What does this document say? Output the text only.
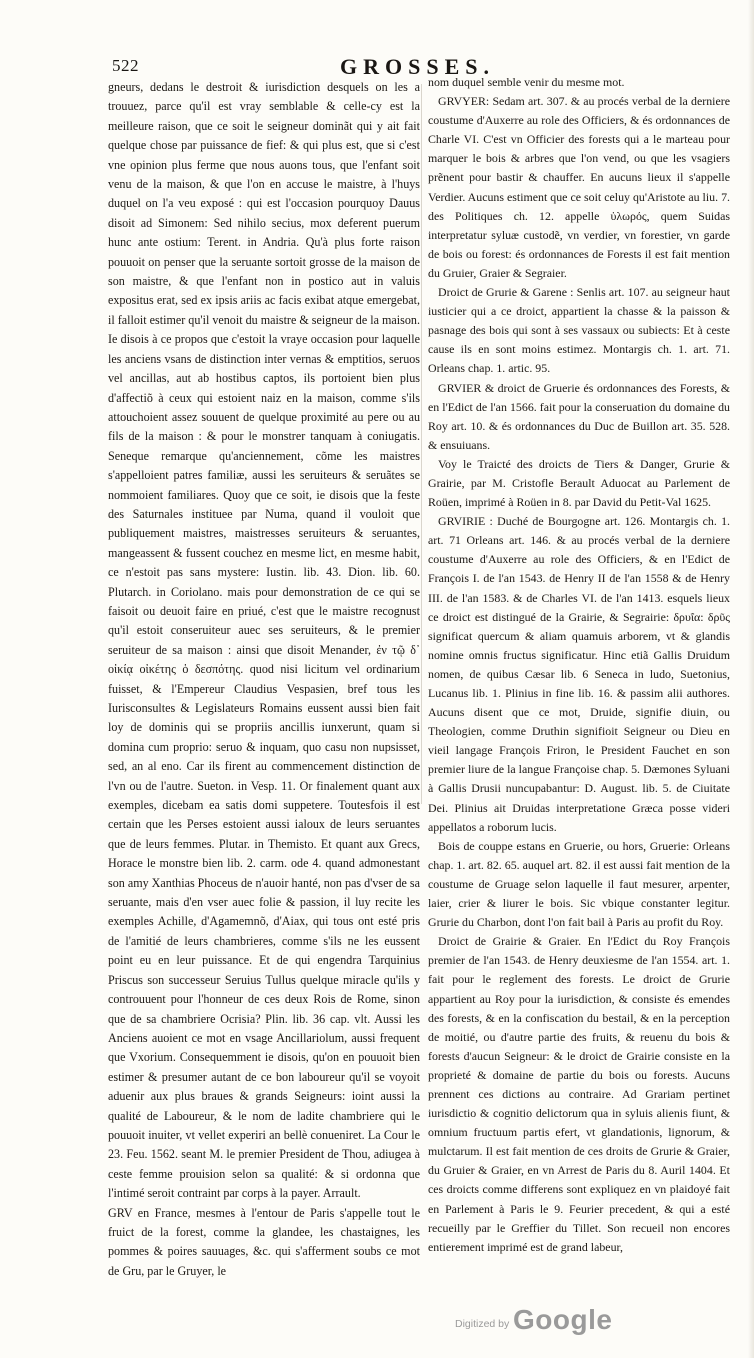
522	GROSSES.

gneurs, dedans le destroit & iurisdiction desquels on les a trouuez, parce qu'il est vray semblable & celle-cy est la meilleure raison, que ce soit le seigneur dominãt qui y ait fait quelque chose par puissance de fief: & qui plus est, que si c'est vne opinion plus ferme que nous auons tous, que l'enfant soit venu de la maison, & que l'on en accuse le maistre, à l'huys duquel on l'a veu exposé : qui est l'occasion pourquoy Dauus disoit ad Simonem: Sed nihilo secius, mox deferent puerum hunc ante ostium: Terent. in Andria. Qu'à plus forte raison pouuoit on penser que la seruante sortoit grosse de la maison de son maistre, & que l'enfant non in postico aut in valuis expositus erat, sed ex ipsis ariis ac facis exibat atque emergebat, il falloit estimer qu'il venoit du maistre & seigneur de la maison. Ie disois à ce propos que c'estoit la vraye occasion pour laquelle les anciens vsans de distinction inter vernas & emptitios, seruos vel ancillas, aut ab hostibus captos, ils portoient bien plus d'affectiõ à ceux qui estoient naiz en la maison, comme s'ils attouchoient assez souuent de quelque proximité au pere ou au fils de la maison : & pour le monstrer tanquam à coniugatis. Seneque remarque qu'anciennement, cõme les maistres s'appelloient patres familiæ, aussi les seruiteurs & seruãtes se nommoient familiares. Quoy que ce soit, ie disois que la feste des Saturnales instituee par Numa, quand il vouloit que publiquement maistres, maistresses seruiteurs & seruantes, mangeassent & fussent couchez en mesme lict, en mesme habit, ce n'estoit pas sans mystere: Iustin. lib. 43. Dion. lib. 60. Plutarch. in Coriolano. mais pour demonstration de ce qui se faisoit ou deuoit faire en priué, c'est que le maistre recognust qu'il estoit conseruiteur auec ses seruiteurs, & le premier seruiteur de sa maison : ainsi que disoit Menander, ἐν τῷ δ᾽ οἰκίᾳ οἰκέτης ὁ δεσπότης. quod nisi licitum vel ordinarium fuisset, & l'Empereur Claudius Vespasien, bref tous les Iurisconsultes & Legislateurs Romains eussent aussi bien fait loy de dominis qui se propriis ancillis iunxerunt, quam si domina cum proprio: seruo & inquam, quo casu non nupsisset, sed, an al eno. Car ils firent au commencement distinction de l'vn ou de l'autre. Sueton. in Vesp. 11. Or finalement quant aux exemples, dicebam ea satis domi suppetere. Toutesfois il est certain que les Perses estoient aussi ialoux de leurs seruantes que de leurs femmes. Plutar. in Themisto. Et quant aux Grecs, Horace le monstre bien lib. 2. carm. ode 4. quand admonestant son amy Xanthias Phoceus de n'auoir hanté, non pas d'vser de sa seruante, mais d'en vser auec folie & passion, il luy recite les exemples Achille, d'Agamemnõ, d'Aiax, qui tous ont esté pris de l'amitié de leurs chambrieres, comme s'ils ne les eussent point eu en leur puissance. Et de qui engendra Tarquinius Priscus son successeur Seruius Tullus quelque miracle qu'ils y controuuent pour l'honneur de ces deux Rois de Rome, sinon que de sa chambriere Ocrisia? Plin. lib. 36 cap. vlt. Aussi les Anciens auoient ce mot en vsage Ancillariolum, aussi frequent que Vxorium. Consequemment ie disois, qu'on en pouuoit bien estimer & presumer autant de ce bon laboureur qu'il se voyoit aduenir aux plus braues & grands Seigneurs: ioint aussi la qualité de Laboureur, & le nom de ladite chambriere qui le pouuoit inuiter, vt vellet experiri an bellè conueniret. La Cour le 23. Feu. 1562. seant M. le premier President de Thou, adiugea à ceste femme prouision selon sa qualité: & si ordonna que l'intimé seroit contraint par corps à la payer. Arrault.

GRV en France, mesmes à l'entour de Paris s'appelle tout le fruict de la forest, comme la glandee, les chastaignes, les pommes & poires sauuages, &c. qui s'afferment soubs ce mot de Gru, par le Gruyer, le

nom duquel semble venir du mesme mot.

GRVYER: Sedam art. 307. & au procés verbal de la derniere coustume d'Auxerre au role des Officiers, & és ordonnances de Charle VI. C'est vn Officier des forests qui a le marteau pour marquer le bois & arbres que l'on vend, ou que les vsagiers prẽnent pour bastir & chauffer. En aucuns lieux il s'appelle Verdier. Aucuns estiment que ce soit celuy qu'Aristote au liu. 7. des Politiques ch. 12. appelle ὑλωρός, quem Suidas interpretatur syluæ custodẽ, vn verdier, vn forestier, vn garde de bois ou forest: és ordonnances de Forests il est fait mention du Gruier, Graier & Segraier.

Droict de Grurie & Garene : Senlis art. 107. au seigneur haut iusticier qui a ce droict, appartient la chasse & la paisson & pasnage des bois qui sont à ses vassaux ou subiects: Et à ceste cause ils en sont moins estimez. Montargis ch. 1. art. 71. Orleans chap. 1. artic. 95.

GRVIER & droict de Gruerie és ordonnances des Forests, & en l'Edict de l'an 1566. fait pour la conseruation du domaine du Roy art. 10. & és ordonnances du Duc de Buillon art. 35. 528. & ensuiuans.

Voy le Traicté des droicts de Tiers & Danger, Grurie & Grairie, par M. Cristofle Berault Aduocat au Parlement de Roüen, imprimé à Roüen in 8. par David du Petit-Val 1625.

GRVIRIE : Duché de Bourgogne art. 126. Montargis ch. 1. art. 71 Orleans art. 146. & au procés verbal de la derniere coustume d'Auxerre au role des Officiers, & en l'Edict de François I. de l'an 1543. de Henry II de l'an 1558 & de Henry III. de l'an 1583. & de Charles VI. de l'an 1413. esquels lieux ce droict est distingué de la Grairie, & Segrairie: δρυΐα: δρῦς significat quercum & aliam quamuis arborem, vt & glandis nomine omnis fructus significatur. Hinc etiã Gallis Druidum nomen, de quibus Cæsar lib. 6 Seneca in ludo, Suetonius, Lucanus lib. 1. Plinius in fine lib. 16. & passim alii authores. Aucuns disent que ce mot, Druide, signifie diuin, ou Theologien, comme Druthin signifioit Seigneur ou Dieu en vieil langage François Friron, le President Fauchet en son premier liure de la langue Françoise chap. 5. Dæmones Syluani à Gallis Drusii nuncupabantur: D. August. lib. 5. de Ciuitate Dei. Plinius ait Druidas interpretatione Græca posse videri appellatos a roborum lucis.

Bois de couppe estans en Gruerie, ou hors, Gruerie: Orleans chap. 1. art. 82. 65. auquel art. 82. il est aussi fait mention de la coustume de Gruage selon laquelle il faut mesurer, arpenter, laier, crier & liurer le bois. Sic vbique constanter legitur. Grurie du Charbon, dont l'on fait bail à Paris au profit du Roy.

Droict de Grairie & Graier. En l'Edict du Roy François premier de l'an 1543. de Henry deuxiesme de l'an 1554. art. 1. fait pour le reglement des forests. Le droict de Grurie appartient au Roy pour la iurisdiction, & consiste és emendes des forests, & en la confiscation du bestail, & en la perception de moitié, ou d'autre partie des fruits, & reuenu du bois & forests d'aucun Seigneur: & le droict de Grairie consiste en la proprieté & domaine de partie du bois ou forests. Aucuns prennent ces dictions au contraire. Ad Grariam pertinet iurisdictio & cognitio delictorum qua in syluis alienis fiunt, & omnium fructuum partis efert, vt glandationis, lignorum, & mulctarum. Il est fait mention de ces droits de Grurie & Graier, du Gruier & Graier, en vn Arrest de Paris du 8. Auril 1404. Et ces droicts comme differens sont expliquez en vn plaidoyé fait en Parlement à Paris le 9. Feurier precedent, & qui a esté recueilly par le Greffier du Tillet. Son recueil non encores entierement imprimé est de grand labeur,

Digitized by Google
